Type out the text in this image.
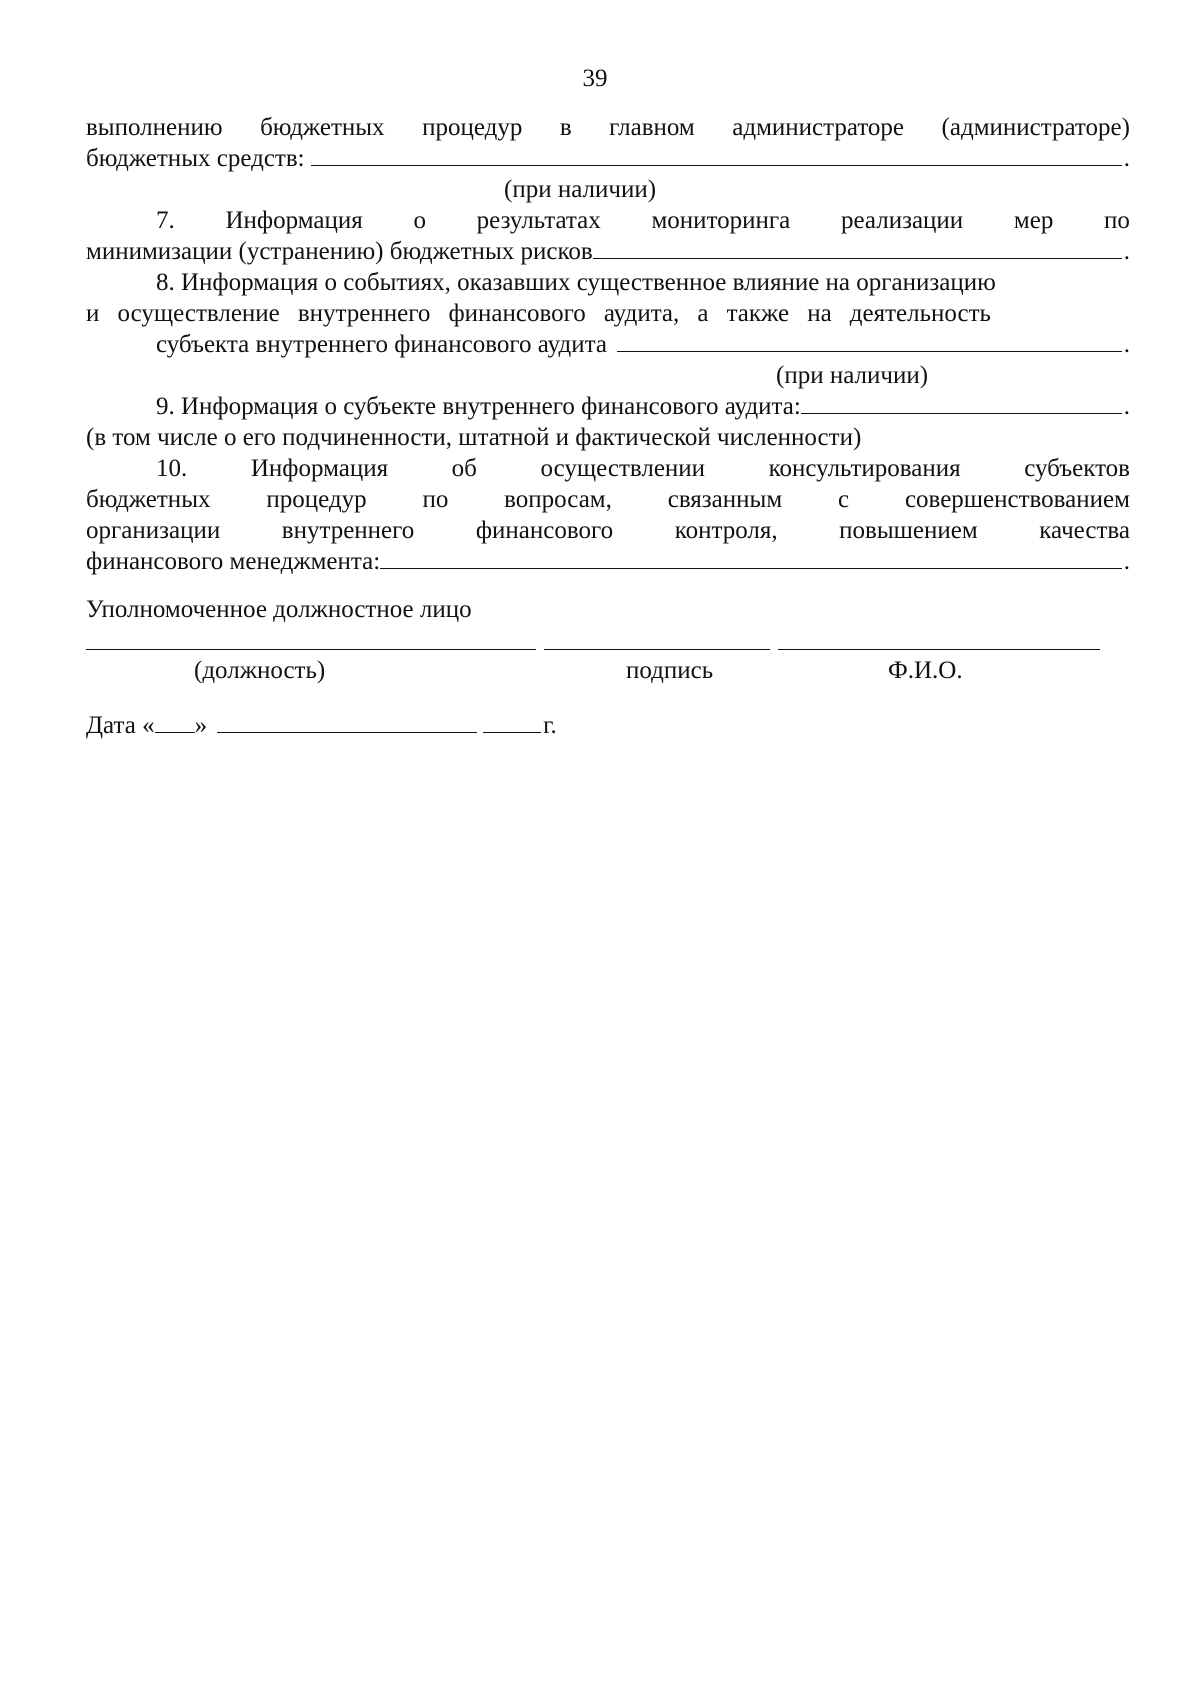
39
выполнению бюджетных процедур в главном администраторе (администраторе)
бюджетных средств:	.
(при наличии)
7. Информация о результатах мониторинга реализации мер по
минимизации (устранению) бюджетных рисков	.
8. Информация о событиях, оказавших существенное влияние на организацию
и осуществление внутреннего финансового аудита, а также на деятельность
субъекта внутреннего финансового аудита	.
(при наличии)
9. Информация о субъекте внутреннего финансового аудита:	.
(в том числе о его подчиненности, штатной и фактической численности)
10.	Информация	об	осуществлении	консультирования	субъектов
бюджетных процедур по вопросам, связанным с совершенствованием
организации внутреннего финансового контроля, повышением качества
финансового менеджмента:	.
Уполномоченное должностное лицо
(должность)	подпись	Ф.И.О.
Дата « »	г.
